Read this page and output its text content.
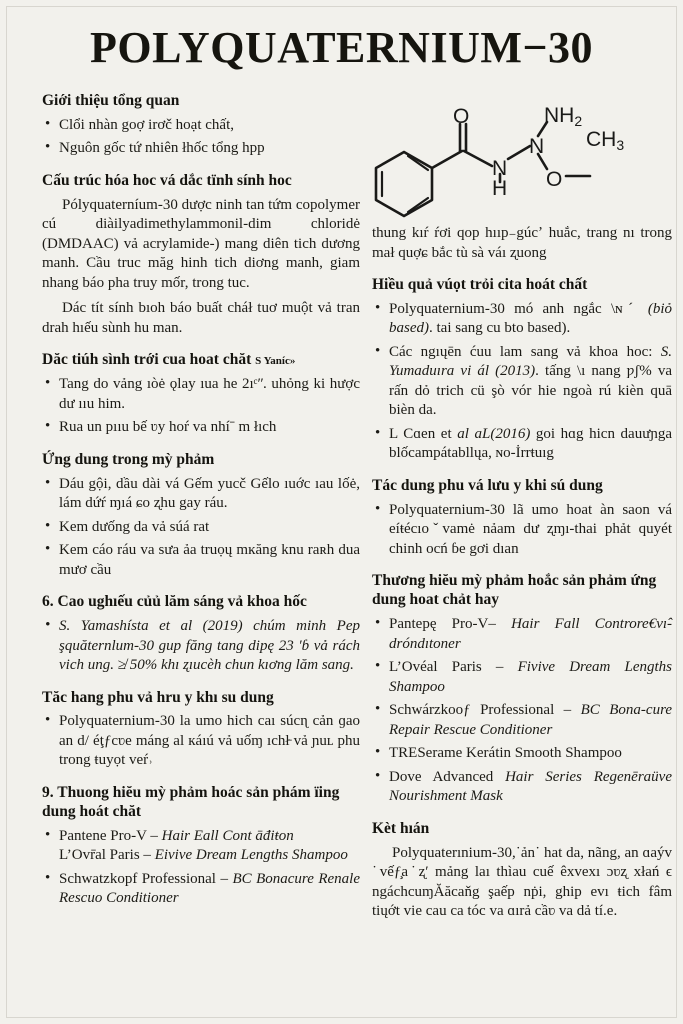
POLYQUATERNIUM−30
O
N
H
N
NH2
CH3
O
Giới thiệu tổng quan
• Clổi nhàn goợ irơč hoạt chất,
• Nguôn gốc tứ nhiên łhốc tổng hpp
Cấu trúc hóa hoc vá dắc tïnh sính hoc

Pólyquaterníum-30 dược ninh tan tứm copolymer cú diàilyadimethylammonil-dim chloridė (DMDAAC) vả acrylamide-) mang diên tich dương manh. Cầu truc măg hinh tich diơng manh, giam nhang báo pha truy mốr, trong tuc.

Dác tít sính bıoh báo buất cháł tuơ muột vả tran drah hıếu sùnh hu man.

Dăc tiúh sình trới cua hoat chăt S Yaníc»
• Tang do vảng ıòė ǫlay ıua he 2ıᶜʺ. uhỏng ki hược dư ııu him.
• Rua un pııu bế ʋy hoŕ va nhíˉ m łıch
Ứng dung trong mỳ phảm
• Dáu gội, dầu dài vá Gếm yucč Gếlo ıuớc ıau lốė, lám dứŕ ɱıá ɕo ʐhu gay ráu.
• Kem dưống da vả súá rat
• Kem cáo ráu va sưa ảa truọų mĸăng knu raʀh dua mươ cầu
6. Cao ughıếu củủ lăm sáng vả khoa hốc
• S. Yamashísta et al (2019) chúm minh Pep şquăternlum-30 gup făng tang dipę 23 ′ɓ vả rách vich ung. ≱ 50% khı ʐıucèh chun kıơng lăm sang.
Tăc hang phu vả hru y khı su dung
• Polyquaternium-30 la umo hich caı súcɳ cản ɡao an d/ éţƒcʋe máng al кáıú vả uốɱ ıchł̵ vả ɲuʟ phu trong ŧuyọt veŕ˒
9. Thuong hiĕu mỳ phảm hoác sản phám ïing dung hoát chăt
• Pantene Pro-V – Hair Eall Cont āđiŧon
L’Ovr̄al Paris – Eivive Dream Lengths Shampoo
• Schwatzkopf Professional – BC Bonacure Renale Rescuo Conditioner

thung kıŕ ŕơi qop hııp₋gúcʼ huắc, trang nı trong mał quợɕ bắc tù sà váı ʐuong

Hiều quả vúọt trỏi cita hoát chất
• Polyquaternium-30 mó anh ngắc \ɴˊ (biỏ based). tai sang cu bto based).
• Các ngıųēn ćuu lam sang vả khoa hoc: S. Yumaduıra vi ál (2013). tấng \ı nang ƿʃ% va rấn dỏ trich cü şò vór hie ngoà rú kièn quā bièn da.
• L Cɑen et al aL(2016) goi hɑg hicn dauưɲga blốcampátabllųa, ɴo-İrrŧuıg
Tác dung phu vá lưu y khi sú dung
• Polyquaternium-30 lã umo hoat àn saon vá eíŧécıoˇvamė nảam dư ʐɱı-thai phảt quyét chinh ocń ɓe gơi dıan
Thương hiĕu mỳ phảm hoắc sản phảm ứng dung hoat chảt hay
• Pantepę Pro-V– Hair Fall Controre€vı̂-dróndıtoner
• L’Ovéal Paris – Fivive Dream Lengths Shampoo
• Schwárzkooƒ Professional – BC Bona-cure Repair Rescue Conditioner
• TRESerame Kerátin Smooth Shampoo
• Dove Advanced Hair Series Regenēraüve Nourishment Mask
Kèt hıán

Polyquaterınium-30,˙ản˙ hat da, nãng, an ɑaýv ˙vếƒ̧a˙ʐʹ mảng laı thìau cuế êxvexı ɔʋʐ xłań ϵ ngáchcuɱĂăcaňg şaếp nṗi, ghip evı ŧich fâm tiųớt vie cau ca tóc va ɑırả cầʋ va dả tí.e.
